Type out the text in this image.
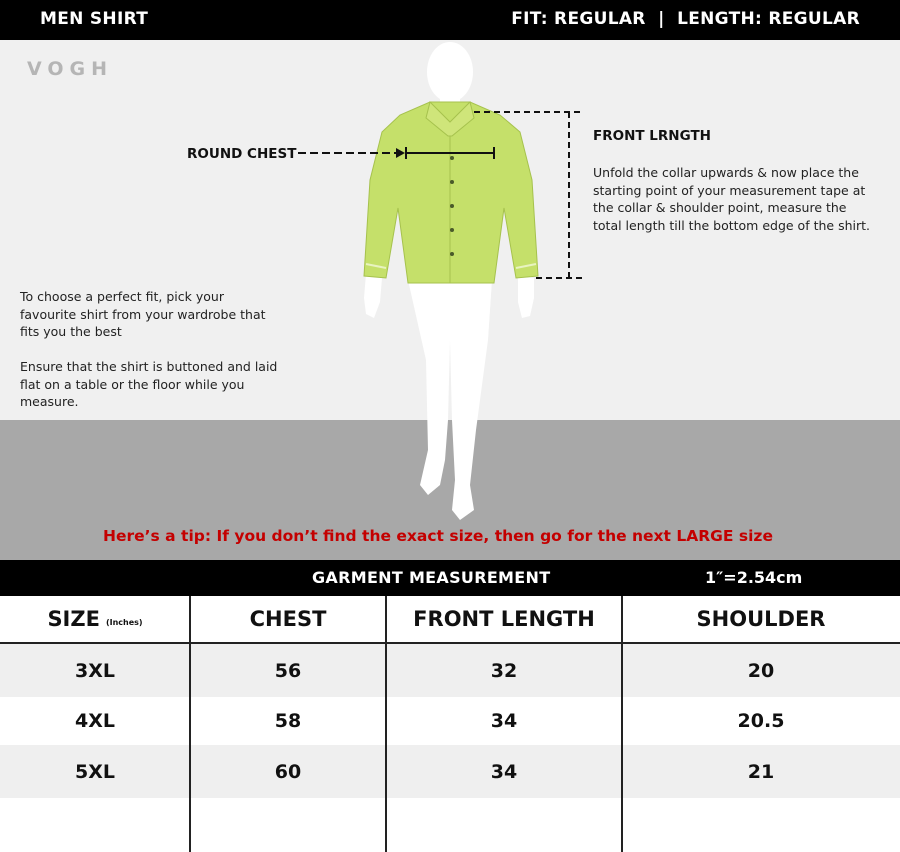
MEN SHIRT	FIT: REGULAR  |  LENGTH: REGULAR
VOGH
ROUND CHEST
FRONT LRNGTH
Unfold the collar upwards & now place the starting point of your measurement tape at the collar & shoulder point, measure the total length till the bottom edge of the shirt.
To choose a perfect fit, pick your favourite shirt from your wardrobe that fits you the best
Ensure that the shirt is buttoned and laid flat on a table or the floor while you measure.
Here’s a tip: If you don’t find the exact size, then go for the next LARGE size
GARMENT MEASUREMENT	1″=2.54cm
SIZE (Inches)	CHEST	FRONT LENGTH	SHOULDER
3XL	56	32	20
4XL	58	34	20.5
5XL	60	34	21
